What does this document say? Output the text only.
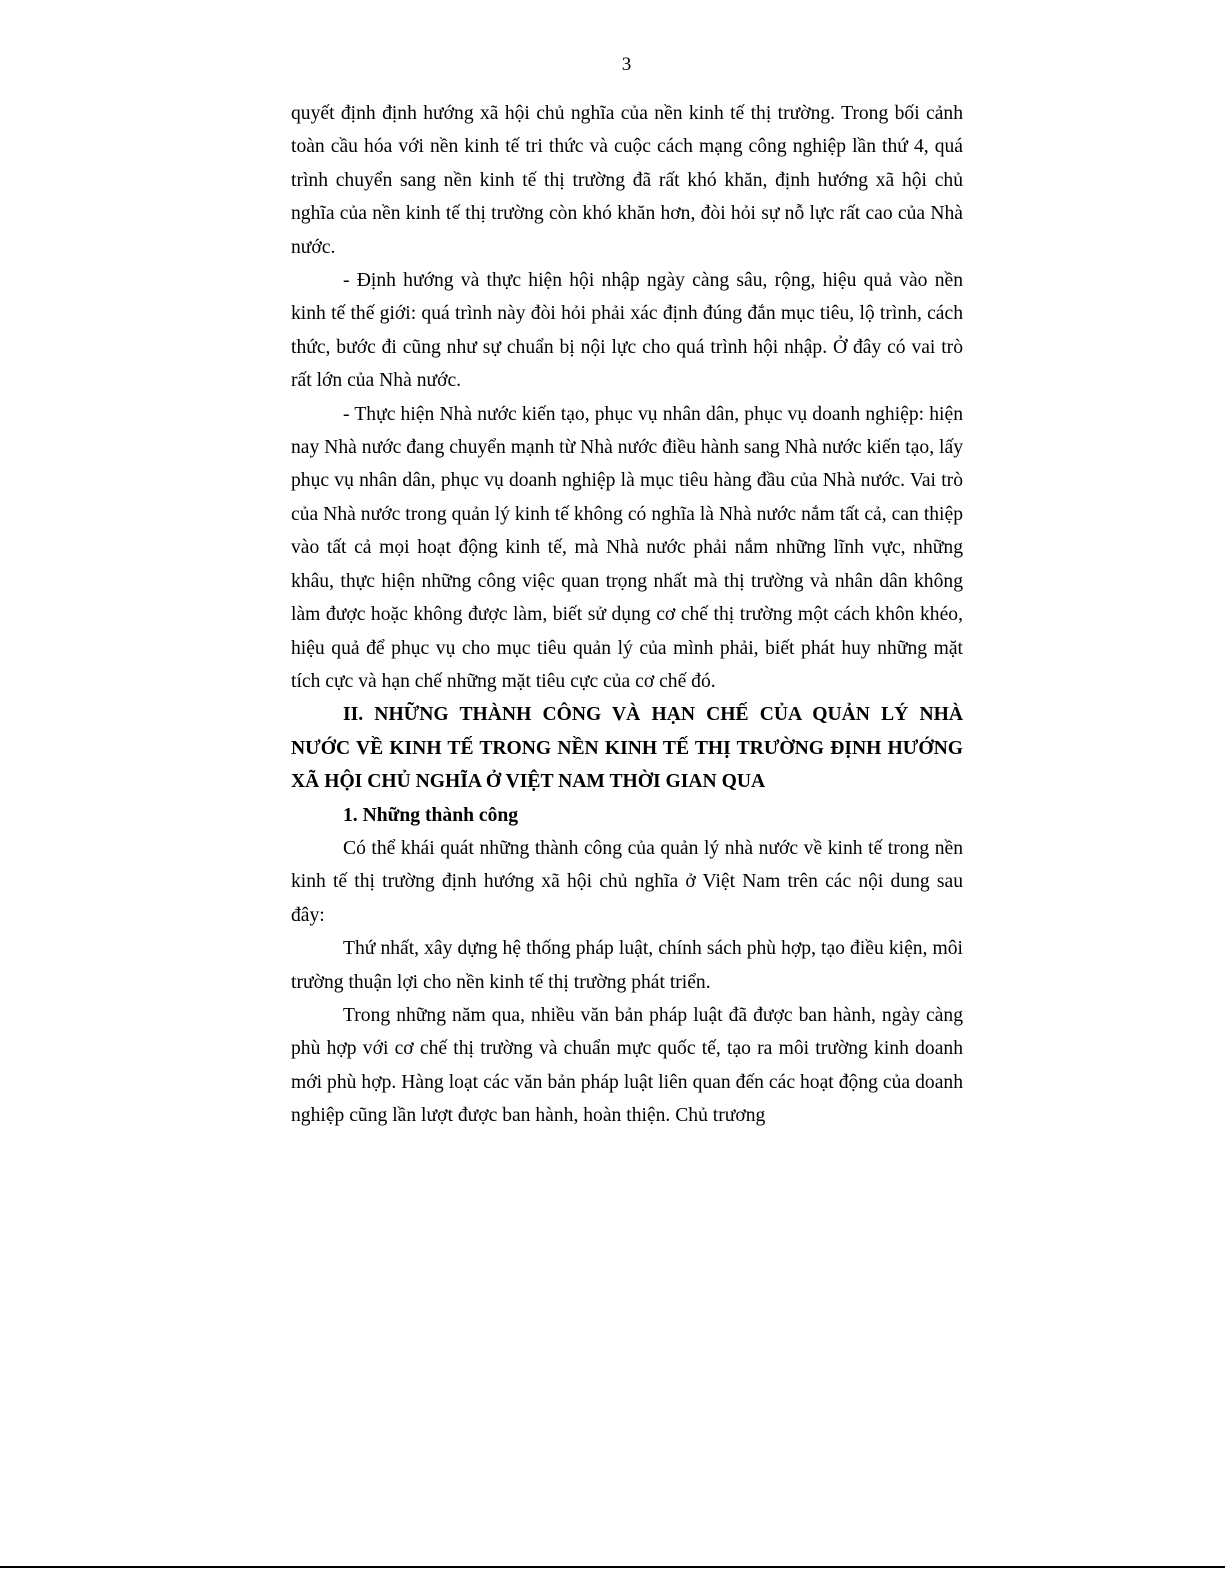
3

quyết định định hướng xã hội chủ nghĩa của nền kinh tế thị trường. Trong bối cảnh toàn cầu hóa với nền kinh tế tri thức và cuộc cách mạng công nghiệp lần thứ 4, quá trình chuyển sang nền kinh tế thị trường đã rất khó khăn, định hướng xã hội chủ nghĩa của nền kinh tế thị trường còn khó khăn hơn, đòi hỏi sự nỗ lực rất cao của Nhà nước.

- Định hướng và thực hiện hội nhập ngày càng sâu, rộng, hiệu quả vào nền kinh tế thế giới: quá trình này đòi hỏi phải xác định đúng đắn mục tiêu, lộ trình, cách thức, bước đi cũng như sự chuẩn bị nội lực cho quá trình hội nhập. Ở đây có vai trò rất lớn của Nhà nước.

- Thực hiện Nhà nước kiến tạo, phục vụ nhân dân, phục vụ doanh nghiệp: hiện nay Nhà nước đang chuyển mạnh từ Nhà nước điều hành sang Nhà nước kiến tạo, lấy phục vụ nhân dân, phục vụ doanh nghiệp là mục tiêu hàng đầu của Nhà nước. Vai trò của Nhà nước trong quản lý kinh tế không có nghĩa là Nhà nước nắm tất cả, can thiệp vào tất cả mọi hoạt động kinh tế, mà Nhà nước phải nắm những lĩnh vực, những khâu, thực hiện những công việc quan trọng nhất mà thị trường và nhân dân không làm được hoặc không được làm, biết sử dụng cơ chế thị trường một cách khôn khéo, hiệu quả để phục vụ cho mục tiêu quản lý của mình phải, biết phát huy những mặt tích cực và hạn chế những mặt tiêu cực của cơ chế đó.

II. NHỮNG THÀNH CÔNG VÀ HẠN CHẾ CỦA QUẢN LÝ NHÀ NƯỚC VỀ KINH TẾ TRONG NỀN KINH TẾ THỊ TRƯỜNG ĐỊNH HƯỚNG XÃ HỘI CHỦ NGHĨA Ở VIỆT NAM THỜI GIAN QUA
1. Những thành công

Có thể khái quát những thành công của quản lý nhà nước về kinh tế trong nền kinh tế thị trường định hướng xã hội chủ nghĩa ở Việt Nam trên các nội dung sau đây:

Thứ nhất, xây dựng hệ thống pháp luật, chính sách phù hợp, tạo điều kiện, môi trường thuận lợi cho nền kinh tế thị trường phát triển.

Trong những năm qua, nhiều văn bản pháp luật đã được ban hành, ngày càng phù hợp với cơ chế thị trường và chuẩn mực quốc tế, tạo ra môi trường kinh doanh mới phù hợp. Hàng loạt các văn bản pháp luật liên quan đến các hoạt động của doanh nghiệp cũng lần lượt được ban hành, hoàn thiện. Chủ trương
